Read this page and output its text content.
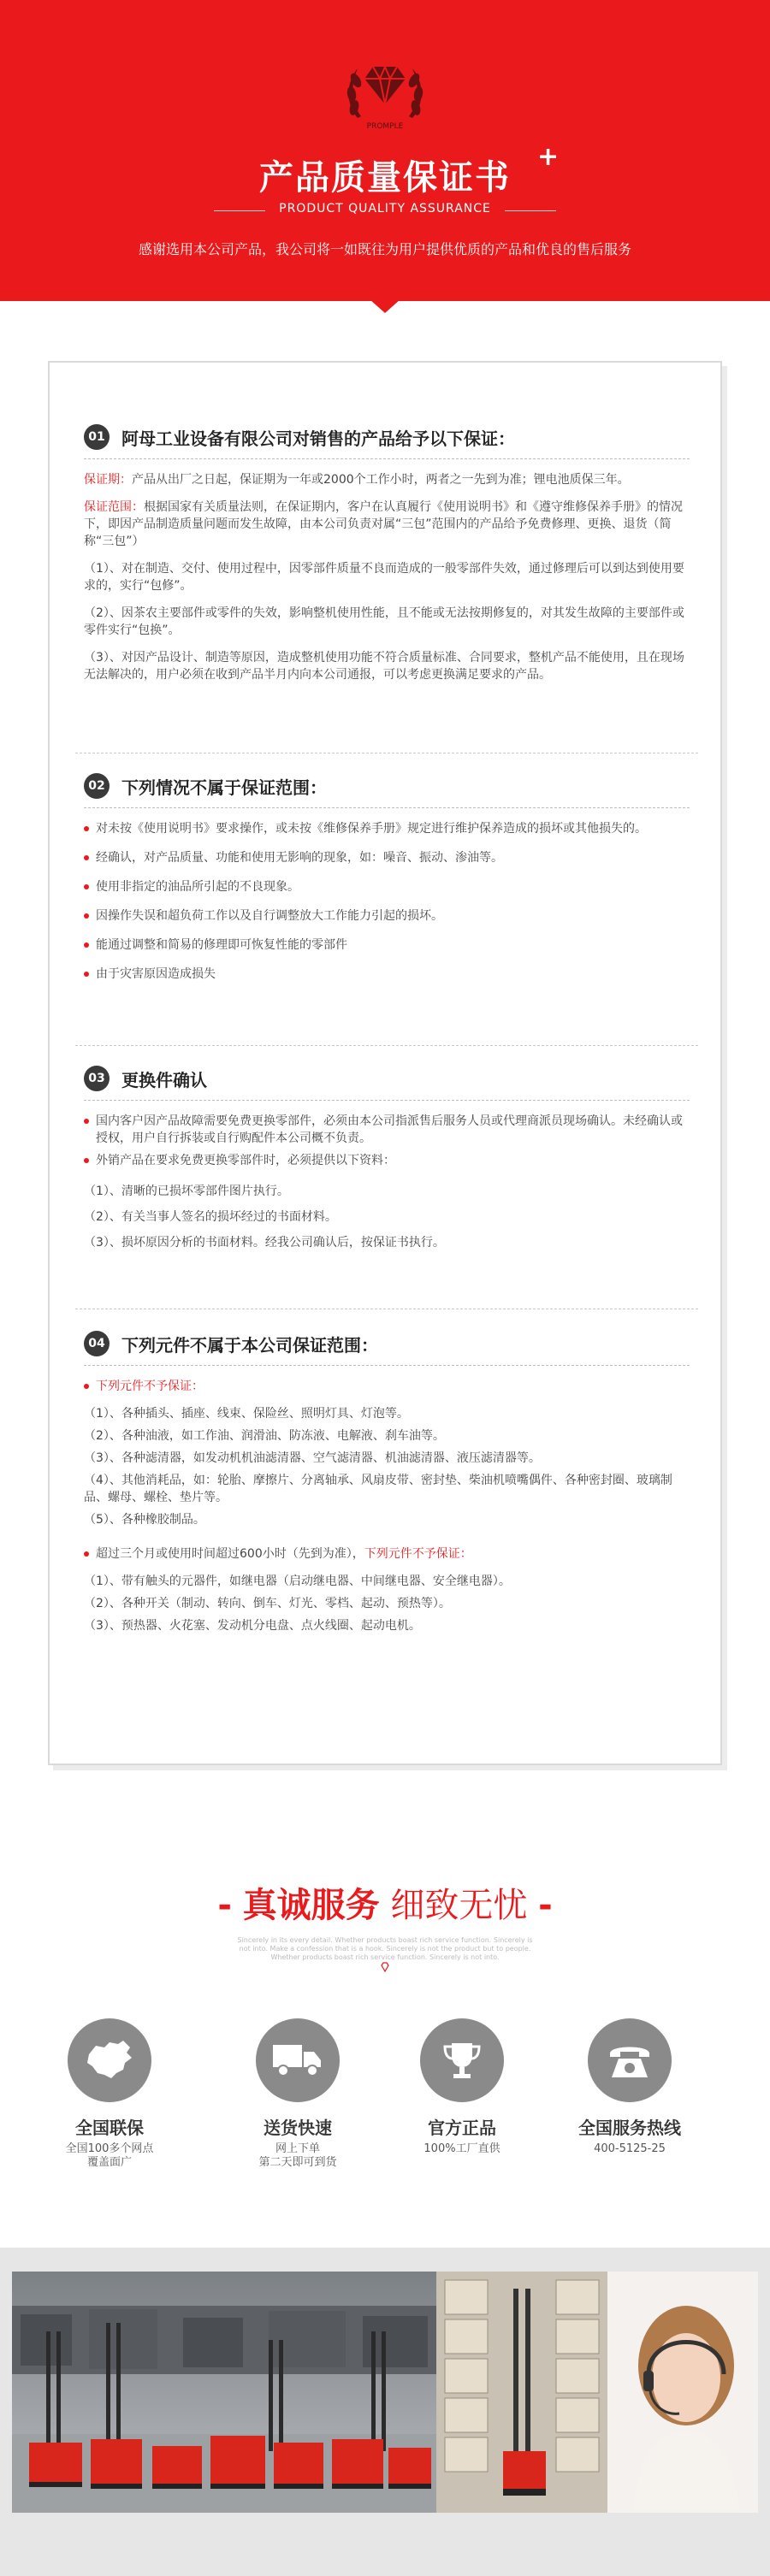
PROMPLE
产品质量保证书
+
PRODUCT QUALITY ASSURANCE
感谢选用本公司产品，我公司将一如既往为用户提供优质的产品和优良的售后服务
01 阿母工业设备有限公司对销售的产品给予以下保证：
保证期：产品从出厂之日起，保证期为一年或2000个工作小时，两者之一先到为准；锂电池质保三年。
保证范围：根据国家有关质量法则，在保证期内，客户在认真履行《使用说明书》和《遵守维修保养手册》的情况下，即因产品制造质量问题而发生故障，由本公司负责对属“三包”范围内的产品给予免费修理、更换、退货（简称“三包”）
（1）、对在制造、交付、使用过程中，因零部件质量不良而造成的一般零部件失效，通过修理后可以到达到使用要求的，实行“包修”。
（2）、因茶农主要部件或零件的失效，影响整机使用性能，且不能或无法按期修复的，对其发生故障的主要部件或零件实行“包换”。
（3）、对因产品设计、制造等原因，造成整机使用功能不符合质量标准、合同要求，整机产品不能使用，且在现场无法解决的，用户必须在收到产品半月内向本公司通报，可以考虑更换满足要求的产品。
02 下列情况不属于保证范围：
对未按《使用说明书》要求操作，或未按《维修保养手册》规定进行维护保养造成的损坏或其他损失的。
经确认，对产品质量、功能和使用无影响的现象，如：噪音、振动、渗油等。
使用非指定的油品所引起的不良现象。
因操作失误和超负荷工作以及自行调整放大工作能力引起的损坏。
能通过调整和简易的修理即可恢复性能的零部件
由于灾害原因造成损失
03 更换件确认
国内客户因产品故障需要免费更换零部件，必须由本公司指派售后服务人员或代理商派员现场确认。未经确认或授权，用户自行拆装或自行购配件本公司概不负责。
外销产品在要求免费更换零部件时，必须提供以下资料：
（1）、清晰的已损坏零部件图片执行。
（2）、有关当事人签名的损坏经过的书面材料。
（3）、损坏原因分析的书面材料。经我公司确认后，按保证书执行。
04 下列元件不属于本公司保证范围：
下列元件不予保证：
（1）、各种插头、插座、线束、保险丝、照明灯具、灯泡等。
（2）、各种油液，如工作油、润滑油、防冻液、电解液、刹车油等。
（3）、各种滤清器，如发动机机油滤清器、空气滤清器、机油滤清器、液压滤清器等。
（4）、其他消耗品，如：轮胎、摩擦片、分离轴承、风扇皮带、密封垫、柴油机喷嘴偶件、各种密封圈、玻璃制品、螺母、螺栓、垫片等。
（5）、各种橡胶制品。
超过三个月或使用时间超过600小时（先到为准），下列元件不予保证：
（1）、带有触头的元器件，如继电器（启动继电器、中间继电器、安全继电器）。
（2）、各种开关（制动、转向、倒车、灯光、零档、起动、预热等）。
（3）、预热器、火花塞、发动机分电盘、点火线圈、起动电机。
- 真诚服务 细致无忧 -
Sincerely in its every detail. Whether products boast rich service function. Sincerely is not into. Make a confession that is a hook. Sincerely is not the product but to people. Whether products boast rich service function. Sincerely is not into.
全国联保
全国100多个网点
覆盖面广
送货快速
网上下单
第二天即可到货
官方正品
100%工厂直供
全国服务热线
400-5125-25
